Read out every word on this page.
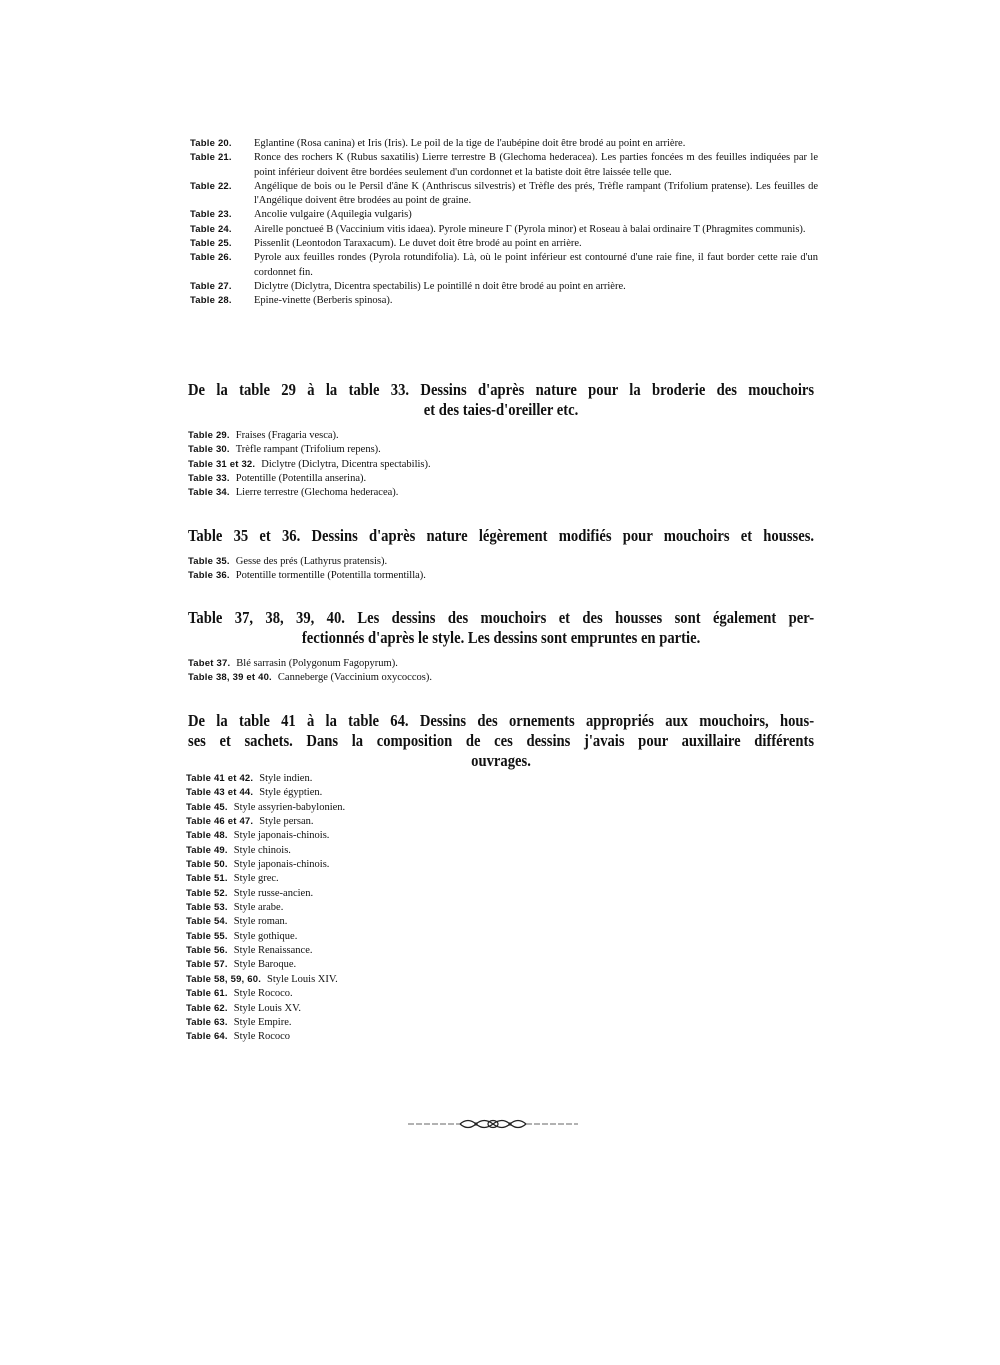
Table 20.	Eglantine (Rosa canina) et Iris (Iris). Le poil de la tige de l'aubépine doit être brodé au point en arrière.
Table 21.	Ronce des rochers K (Rubus saxatilis) Lierre terrestre B (Glechoma hederacea). Les parties foncées m des feuilles indiquées par le point inférieur doivent être bordées seulement d'un cordonnet et la batiste doit être laissée telle que.
Table 22.	Angélique de bois ou le Persil d'âne K (Anthriscus silvestris) et Trèfle des prés, Trèfle rampant (Trifolium pratense). Les feuilles de l'Angélique doivent être brodées au point de graine.
Table 23.	Ancolie vulgaire (Aquilegia vulgaris)
Table 24.	Airelle ponctueé B (Vaccinium vitis idaea). Pyrole mineure Γ (Pyrola minor) et Roseau à balai ordinaire T (Phragmites communis).
Table 25.	Pissenlit (Leontodon Taraxacum). Le duvet doit être brodé au point en arrière.
Table 26.	Pyrole aux feuilles rondes (Pyrola rotundifolia). Là, où le point inférieur est contourné d'une raie fine, il faut border cette raie d'un cordonnet fin.
Table 27.	Diclytre (Diclytra, Dicentra spectabilis) Le pointillé n doit être brodé au point en arrière.
Table 28.	Epine-vinette (Berberis spinosa).
De la table 29 à la table 33. Dessins d'après nature pour la broderie des mouchoirs
et des taies-d'oreiller etc.
Table 29. Fraises (Fragaria vesca).
Table 30. Trèfle rampant (Trifolium repens).
Table 31 et 32. Diclytre (Diclytra, Dicentra spectabilis).
Table 33. Potentille (Potentilla anserina).
Table 34. Lierre terrestre (Glechoma hederacea).
Table 35 et 36. Dessins d'après nature légèrement modifiés pour mouchoirs et housses.
Table 35. Gesse des prés (Lathyrus pratensis).
Table 36. Potentille tormentille (Potentilla tormentilla).
Table 37, 38, 39, 40. Les dessins des mouchoirs et des housses sont également per-
fectionnés d'après le style. Les dessins sont empruntes en partie.
Tabet 37. Blé sarrasin (Polygonum Fagopyrum).
Table 38, 39 et 40. Canneberge (Vaccinium oxycoccos).
De la table 41 à la table 64. Dessins des ornements appropriés aux mouchoirs, hous-
ses et sachets. Dans la composition de ces dessins j'avais pour auxillaire différents
ouvrages.
Table 41 et 42. Style indien.
Table 43 et 44. Style égyptien.
Table 45. Style assyrien-babylonien.
Table 46 et 47. Style persan.
Table 48. Style japonais-chinois.
Table 49. Style chinois.
Table 50. Style japonais-chinois.
Table 51. Style grec.
Table 52. Style russe-ancien.
Table 53. Style arabe.
Table 54. Style roman.
Table 55. Style gothique.
Table 56. Style Renaissance.
Table 57. Style Baroque.
Table 58, 59, 60. Style Louis XIV.
Table 61. Style Rococo.
Table 62. Style Louis XV.
Table 63. Style Empire.
Table 64. Style Rococo
